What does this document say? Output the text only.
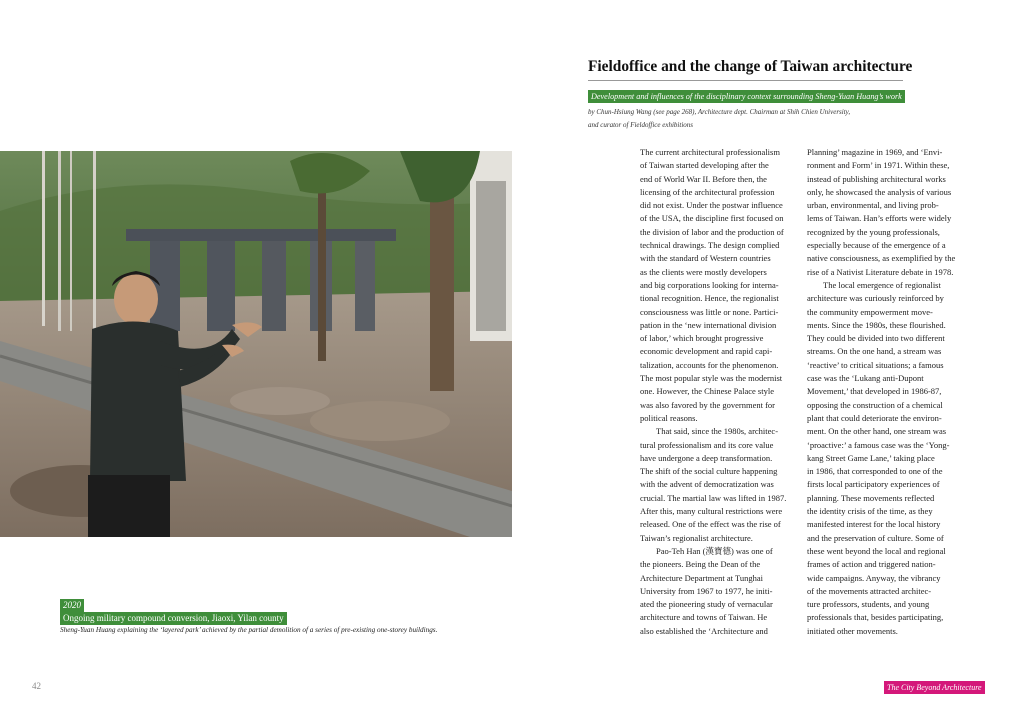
2020
Ongoing military compound conversion, Jiaoxi, Yilan county
Sheng-Yuan Huang explaining the ‘layered park’ achieved by the partial demolition of a series of pre-existing one-storey buildings.
42
Fieldoffice and the change of Taiwan architecture
Development and influences of the disciplinary context surrounding Sheng-Yuan Huang’s work
by Chun-Hsiung Wang (see page 268), Architecture dept. Chairman at Shih Chien University,
and curator of Fieldoffice exhibitions

The current architectural professionalism

of Taiwan started developing after the

end of World War II. Before then, the

licensing of the architectural profession

did not exist. Under the postwar influence

of the USA, the discipline first focused on

the division of labor and the production of

technical drawings. The design complied

with the standard of Western countries

as the clients were mostly developers

and big corporations looking for interna-

tional recognition. Hence, the regionalist

consciousness was little or none. Partici-

pation in the ‘new international division

of labor,’ which brought progressive

economic development and rapid capi-

talization, accounts for the phenomenon.

The most popular style was the modernist

one. However, the Chinese Palace style

was also favored by the government for

political reasons.

That said, since the 1980s, architec-

tural professionalism and its core value

have undergone a deep transformation.

The shift of the social culture happening

with the advent of democratization was

crucial. The martial law was lifted in 1987.

After this, many cultural restrictions were

released. One of the effect was the rise of

Taiwan’s regionalist architecture.

Pao-Teh Han (漢寶德) was one of

the pioneers. Being the Dean of the

Architecture Department at Tunghai

University from 1967 to 1977, he initi-

ated the pioneering study of vernacular

architecture and towns of Taiwan. He

also established the ‘Architecture and

Planning’ magazine in 1969, and ‘Envi-

ronment and Form’ in 1971. Within these,

instead of publishing architectural works

only, he showcased the analysis of various

urban, environmental, and living prob-

lems of Taiwan. Han’s efforts were widely

recognized by the young professionals,

especially because of the emergence of a

native consciousness, as exemplified by the

rise of a Nativist Literature debate in 1978.

The local emergence of regionalist

architecture was curiously reinforced by

the community empowerment move-

ments. Since the 1980s, these flourished.

They could be divided into two different

streams. On the one hand, a stream was

‘reactive’ to critical situations; a famous

case was the ‘Lukang anti-Dupont

Movement,’ that developed in 1986-87,

opposing the construction of a chemical

plant that could deteriorate the environ-

ment. On the other hand, one stream was

‘proactive:’ a famous case was the ‘Yong-

kang Street Game Lane,’ taking place

in 1986, that corresponded to one of the

firsts local participatory experiences of

planning. These movements reflected

the identity crisis of the time, as they

manifested interest for the local history

and the preservation of culture. Some of

these went beyond the local and regional

frames of action and triggered nation-

wide campaigns. Anyway, the vibrancy

of the movements attracted architec-

ture professors, students, and young

professionals that, besides participating,

initiated other movements.

The City Beyond Architecture
